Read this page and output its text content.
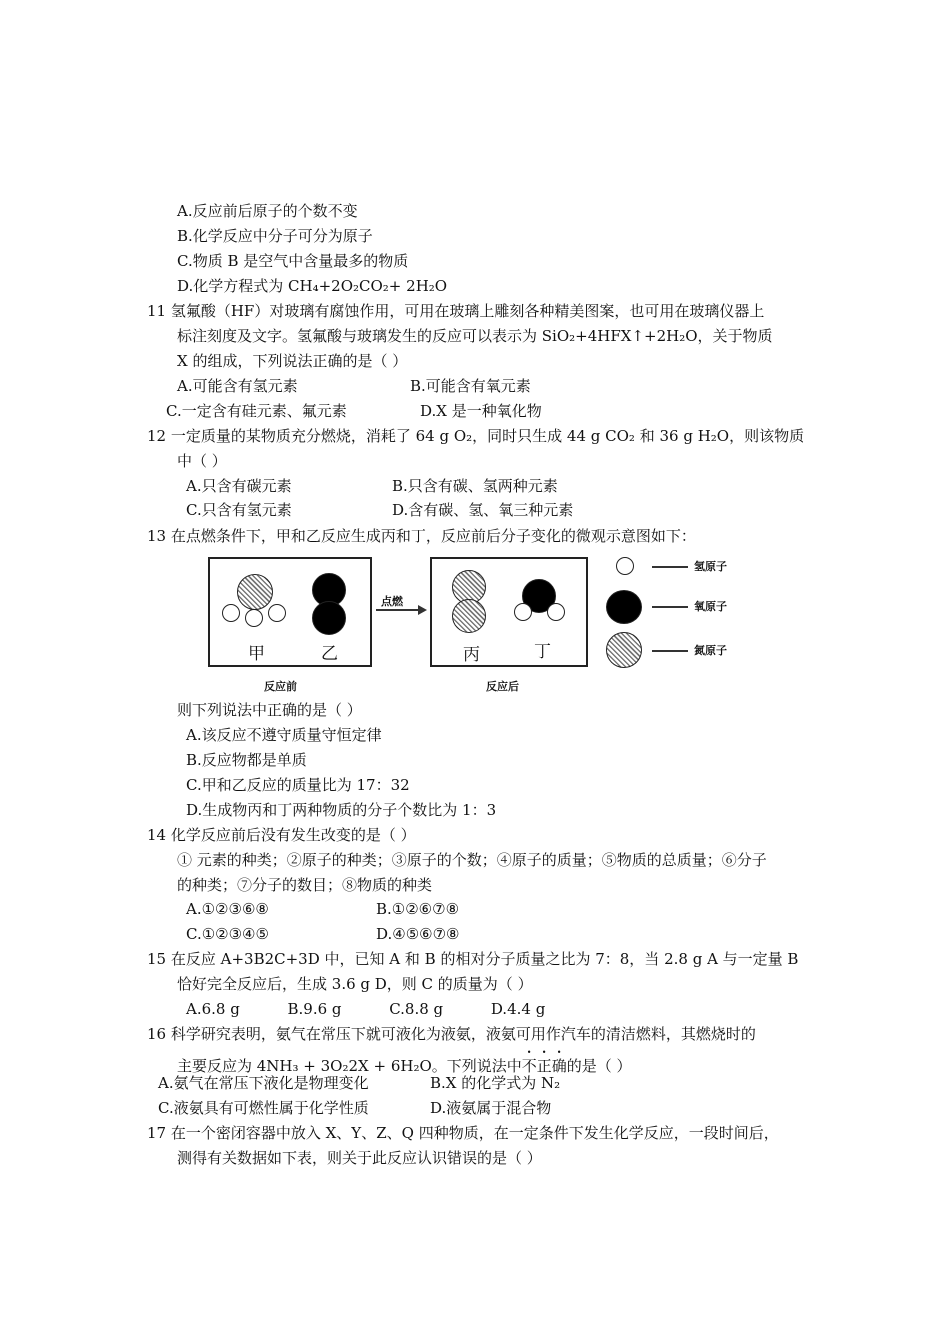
A.反应前后原子的个数不变
B.化学反应中分子可分为原子
C.物质 B 是空气中含量最多的物质
D.化学方程式为 CH₄+2O₂CO₂+ 2H₂O
11 氢氟酸（HF）对玻璃有腐蚀作用，可用在玻璃上雕刻各种精美图案，也可用在玻璃仪器上
标注刻度及文字。氢氟酸与玻璃发生的反应可以表示为 SiO₂+4HFX↑+2H₂O，关于物质
X 的组成，下列说法正确的是（ ）
A.可能含有氢元素	B.可能含有氧元素
C.一定含有硅元素、氟元素	D.X 是一种氧化物
12 一定质量的某物质充分燃烧，消耗了 64 g O₂，同时只生成 44 g CO₂ 和 36 g H₂O，则该物质
中（ ）
A.只含有碳元素	B.只含有碳、氢两种元素
C.只含有氢元素	D.含有碳、氢、氧三种元素
13 在点燃条件下，甲和乙反应生成丙和丁，反应前后分子变化的微观示意图如下：
甲	乙
点燃
丙	丁
反应前	反应后
氢原子
氧原子
氮原子
则下列说法中正确的是（ ）
A.该反应不遵守质量守恒定律
B.反应物都是单质
C.甲和乙反应的质量比为 17：32
D.生成物丙和丁两种物质的分子个数比为 1：3
14 化学反应前后没有发生改变的是（ ）
① 元素的种类；②原子的种类；③原子的个数；④原子的质量；⑤物质的总质量；⑥分子
的种类；⑦分子的数目；⑧物质的种类
A.①②③⑥⑧	B.①②⑥⑦⑧
C.①②③④⑤	D.④⑤⑥⑦⑧
15 在反应 A+3B2C+3D 中，已知 A 和 B 的相对分子质量之比为 7：8，当 2.8 g A 与一定量 B
恰好完全反应后，生成 3.6 g D，则 C 的质量为（ ）
A.6.8 g          B.9.6 g          C.8.8 g          D.4.4 g
16 科学研究表明，氨气在常压下就可液化为液氨，液氨可用作汽车的清洁燃料，其燃烧时的
主要反应为 4NH₃ + 3O₂2X + 6H₂O。下列说法中不正确的是（ ）
A.氨气在常压下液化是物理变化	B.X 的化学式为 N₂
C.液氨具有可燃性属于化学性质	D.液氨属于混合物
17 在一个密闭容器中放入 X、Y、Z、Q 四种物质，在一定条件下发生化学反应，一段时间后，
测得有关数据如下表，则关于此反应认识错误的是（ ）
